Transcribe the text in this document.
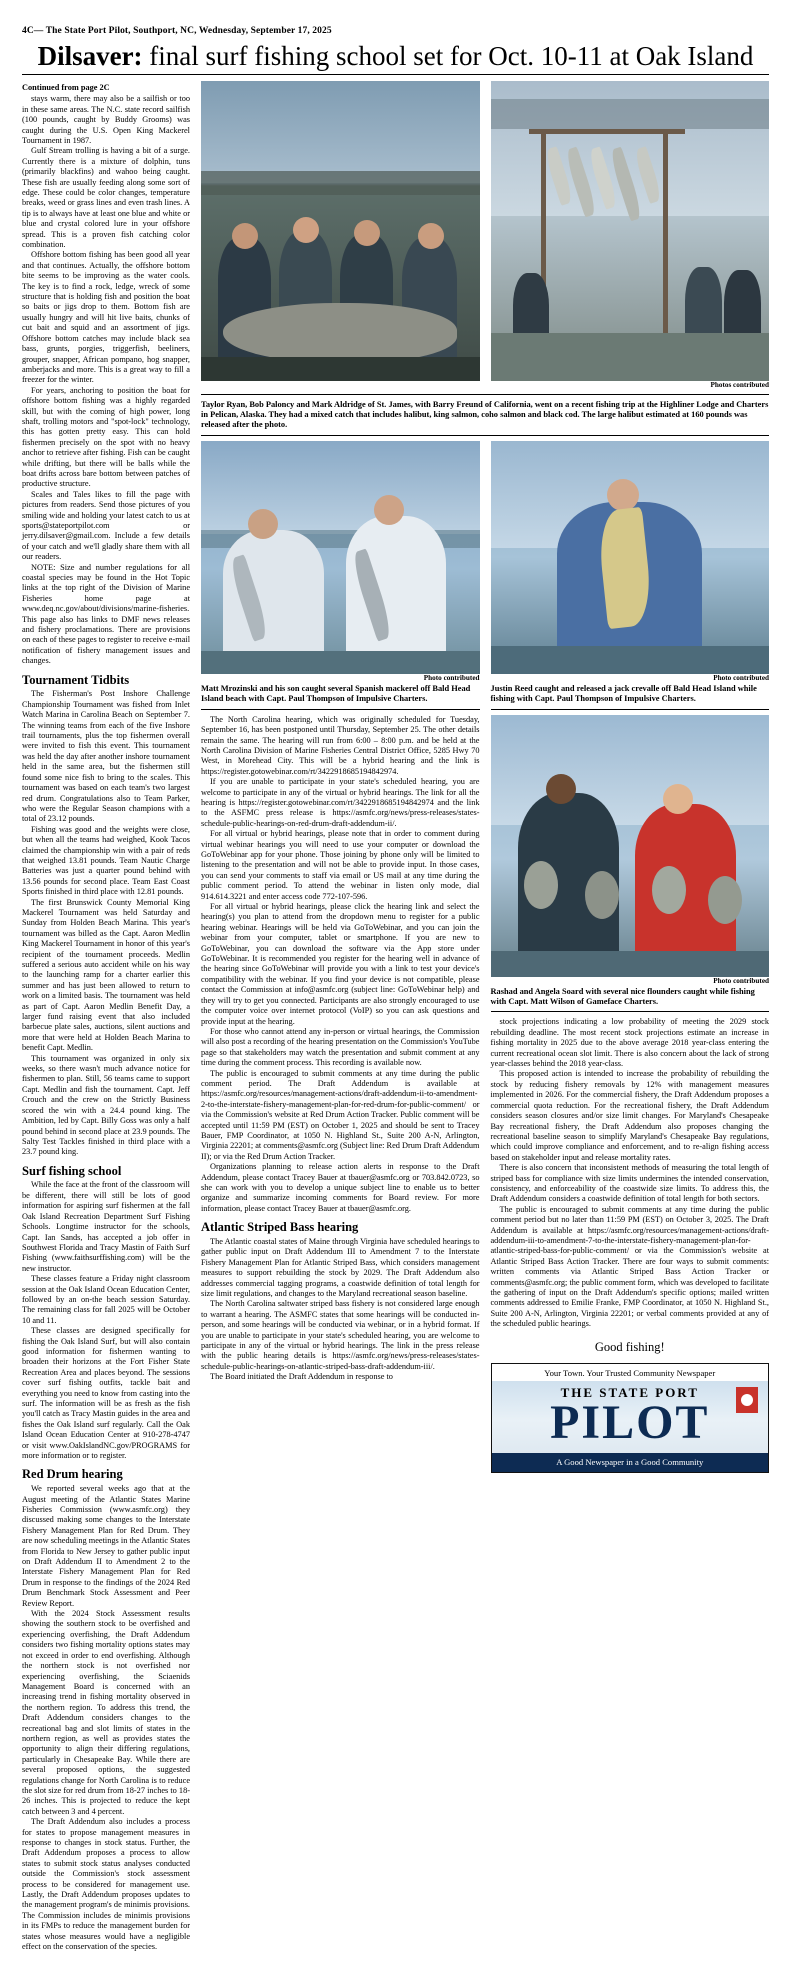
4C— The State Port Pilot, Southport, NC, Wednesday, September 17, 2025
Dilsaver: final surf fishing school set for Oct. 10-11 at Oak Island

Continued from page 2C

stays warm, there may also be a sailfish or too in these same areas. The N.C. state record sailfish (100 pounds, caught by Buddy Grooms) was caught during the U.S. Open King Mackerel Tournament in 1987.

Gulf Stream trolling is having a bit of a surge. Currently there is a mixture of dolphin, tuns (primarily blackfins) and wahoo being caught. These fish are usually feeding along some sort of edge. These could be color changes, temperature breaks, weed or grass lines and even trash lines. A tip is to always have at least one blue and white or blue and crystal colored lure in your offshore spread. This is a proven fish catching color combination.

Offshore bottom fishing has been good all year and that continues. Actually, the offshore bottom bite seems to be improving as the water cools. The key is to find a rock, ledge, wreck of some structure that is holding fish and position the boat so baits or jigs drop to them. Bottom fish are usually hungry and will hit live baits, chunks of cut bait and squid and an assortment of jigs. Offshore bottom catches may include black sea bass, grunts, porgies, triggerfish, beeliners, grouper, snapper, African pompano, hog snapper, amberjacks and more. This is a great way to fill a freezer for the winter.

For years, anchoring to position the boat for offshore bottom fishing was a highly regarded skill, but with the coming of high power, long shaft, trolling motors and "spot-lock" technology, this has gotten pretty easy. This can hold fishermen precisely on the spot with no heavy anchor to retrieve after fishing. Fish can be caught while drifting, but there will be balls while the boat drifts across bare bottom between patches of productive structure.

Scales and Tales likes to fill the page with pictures from readers. Send those pictures of you smiling wide and holding your latest catch to us at sports@stateportpilot.com or jerry.dilsaver@gmail.com. Include a few details of your catch and we'll gladly share them with all our readers.

NOTE: Size and number regulations for all coastal species may be found in the Hot Topic links at the top right of the Division of Marine Fisheries home page at www.deq.nc.gov/about/divisions/marine-fisheries. This page also has links to DMF news releases and fishery proclamations. There are provisions on each of these pages to register to receive e-mail notification of fishery management issues and changes.

Tournament Tidbits

The Fisherman's Post Inshore Challenge Championship Tournament was fished from Inlet Watch Marina in Carolina Beach on September 7. The winning teams from each of the five Inshore trail tournaments, plus the top fishermen overall were invited to fish this event. This tournament was held the day after another inshore tournament held in the same area, but the fishermen still found some nice fish to bring to the scales. This tournament was based on each team's two largest red drum. Congratulations also to Team Parker, who were the Regular Season champions with a total of 23.12 pounds.

Fishing was good and the weights were close, but when all the teams had weighed, Kook Tacos claimed the championship win with a pair of reds that weighed 13.81 pounds. Team Nautic Charge Batteries was just a quarter pound behind with 13.56 pounds for second place. Team East Coast Sports finished in third place with 12.81 pounds.

The first Brunswick County Memorial King Mackerel Tournament was held Saturday and Sunday from Holden Beach Marina. This year's tournament was billed as the Capt. Aaron Medlin King Mackerel Tournament in honor of this year's recipient of the tournament proceeds. Medlin suffered a serious auto accident while on his way to the launching ramp for a charter earlier this summer and has just been allowed to return to work on a limited basis. The tournament was held as part of Capt. Aaron Medlin Benefit Day, a larger fund raising event that also included barbecue plate sales, auctions, silent auctions and more that were held at Holden Beach Marina to benefit Capt. Medlin.

This tournament was organized in only six weeks, so there wasn't much advance notice for fishermen to plan. Still, 56 teams came to support Capt. Medlin and fish the tournament. Capt. Jeff Crouch and the crew on the Strictly Business scored the win with a 24.4 pound king. The Ambition, led by Capt. Billy Goss was only a half pound behind in second place at 23.9 pounds. The Salty Test Tackles finished in third place with a 23.7 pound king.

Surf fishing school

While the face at the front of the classroom will be different, there will still be lots of good information for aspiring surf fishermen at the fall Oak Island Recreation Department Surf Fishing Schools. Longtime instructor for the schools, Capt. Ian Sands, has accepted a job offer in Southwest Florida and Tracy Mastin of Faith Surf Fishing (www.faithsurffishing.com) will be the new instructor.

These classes feature a Friday night classroom session at the Oak Island Ocean Education Center, followed by an on-the beach session Saturday. The remaining class for fall 2025 will be October 10 and 11.

These classes are designed specifically for fishing the Oak Island Surf, but will also contain good information for fishermen wanting to broaden their horizons at the Fort Fisher State Recreation Area and places beyond. The sessions cover surf fishing outfits, tackle bait and everything you need to know from casting into the surf. The information will be as fresh as the fish you'll catch as Tracy Mastin guides in the area and fishes the Oak Island surf regularly. Call the Oak Island Ocean Education Center at 910-278-4747 or visit www.OakIslandNC.gov/PROGRAMS for more information or to register.

Red Drum hearing

We reported several weeks ago that at the August meeting of the Atlantic States Marine Fisheries Commission (www.asmfc.org) they discussed making some changes to the Interstate Fishery Management Plan for Red Drum. They are now scheduling meetings in the Atlantic States from Florida to New Jersey to gather public input on Draft Addendum II to Amendment 2 to the Interstate Fishery Management Plan for Red Drum in response to the findings of the 2024 Red Drum Benchmark Stock Assessment and Peer Review Report.

With the 2024 Stock Assessment results showing the southern stock to be overfished and experiencing overfishing, the Draft Addendum considers two fishing mortality options states may not exceed in order to end overfishing. Although the northern stock is not overfished nor experiencing overfishing, the Sciaenids Management Board is concerned with an increasing trend in fishing mortality observed in the northern region. To address this trend, the Draft Addendum considers changes to the recreational bag and slot limits of states in the northern region, as well as provides states the opportunity to align their differing regulations, particularly in Chesapeake Bay. While there are several proposed options, the suggested regulations change for North Carolina is to reduce the slot size for red drum from 18-27 inches to 18-26 inches. This is projected to reduce the kept catch between 3 and 4 percent.

The Draft Addendum also includes a process for states to propose management measures in response to changes in stock status. Further, the Draft Addendum proposes a process to allow states to submit stock status analyses conducted outside the Commission's stock assessment process to be considered for management use. Lastly, the Draft Addendum proposes updates to the management program's de minimis provisions. The Commission includes de minimis provisions in its FMPs to reduce the management burden for states whose measures would have a negligible effect on the conservation of the species.

Photos contributed
Taylor Ryan, Bob Paloncy and Mark Aldridge of St. James, with Barry Freund of California, went on a recent fishing trip at the Highliner Lodge and Charters in Pelican, Alaska. They had a mixed catch that includes halibut, king salmon, coho salmon and black cod. The large halibut estimated at 160 pounds was released after the photo.
Photo contributed
Matt Mrozinski and his son caught several Spanish mackerel off Bald Head Island beach with Capt. Paul Thompson of Impulsive Charters.

The North Carolina hearing, which was originally scheduled for Tuesday, September 16, has been postponed until Thursday, September 25. The other details remain the same. The hearing will run from 6:00 – 8:00 p.m. and be held at the North Carolina Division of Marine Fisheries Central District Office, 5285 Hwy 70 West, in Morehead City. This will be a hybrid hearing and the link is https://register.gotowebinar.com/rt/3422918685194842974.

If you are unable to participate in your state's scheduled hearing, you are welcome to participate in any of the virtual or hybrid hearings. The link for all the hearing is https://register.gotowebinar.com/rt/3422918685194842974 and the link to the ASFMC press release is https://asmfc.org/news/press-releases/states-schedule-public-hearings-on-red-drum-draft-addendum-ii/.

For all virtual or hybrid hearings, please note that in order to comment during virtual webinar hearings you will need to use your computer or download the GoToWebinar app for your phone. Those joining by phone only will be limited to listening to the presentation and will not be able to provide input. In those cases, you can send your comments to staff via email or US mail at any time during the public comment period. To attend the webinar in listen only mode, dial 914.614.3221 and enter access code 772-107-596.

For all virtual or hybrid hearings, please click the hearing link and select the hearing(s) you plan to attend from the dropdown menu to register for a public hearing webinar. Hearings will be held via GoToWebinar, and you can join the webinar from your computer, tablet or smartphone. If you are new to GoToWebinar, you can download the software via the App store under GoToWebinar. It is recommended you register for the hearing well in advance of the hearing since GoToWebinar will provide you with a link to test your device's compatibility with the webinar. If you find your device is not compatible, please contact the Commission at info@asmfc.org (subject line: GoToWebinar help) and they will try to get you connected. Participants are also strongly encouraged to use the computer voice over internet protocol (VoIP) so you can ask questions and provide input at the hearing.

For those who cannot attend any in-person or virtual hearings, the Commission will also post a recording of the hearing presentation on the Commission's YouTube page so that stakeholders may watch the presentation and submit comment at any time during the comment process. This recording is available now.

The public is encouraged to submit comments at any time during the public comment period. The Draft Addendum is available at https://asmfc.org/resources/management-actions/draft-addendum-ii-to-amendment-2-to-the-interstate-fishery-management-plan-for-red-drum-for-public-comment/ or via the Commission's website at Red Drum Action Tracker. Public comment will be accepted until 11:59 PM (EST) on October 1, 2025 and should be sent to Tracey Bauer, FMP Coordinator, at 1050 N. Highland St., Suite 200 A-N, Arlington, Virginia 22201; at comments@asmfc.org (Subject line: Red Drum Draft Addendum II); or via the Red Drum Action Tracker.

Organizations planning to release action alerts in response to the Draft Addendum, please contact Tracey Bauer at tbauer@asmfc.org or 703.842.0723, so she can work with you to develop a unique subject line to enable us to better organize and summarize incoming comments for Board review. For more information, please contact Tracey Bauer at tbauer@asmfc.org.

Atlantic Striped Bass hearing

The Atlantic coastal states of Maine through Virginia have scheduled hearings to gather public input on Draft Addendum III to Amendment 7 to the Interstate Fishery Management Plan for Atlantic Striped Bass, which considers management measures to support rebuilding the stock by 2029. The Draft Addendum also addresses commercial tagging programs, a coastwide definition of total length for size limit regulations, and changes to the Maryland recreational season baseline.

The North Carolina saltwater striped bass fishery is not considered large enough to warrant a hearing. The ASMFC states that some hearings will be conducted in-person, and some hearings will be conducted via webinar, or in a hybrid format. If you are unable to participate in your state's scheduled hearing, you are welcome to participate in any of the virtual or hybrid hearings. The link in the press release with the public hearing details is https://asmfc.org/news/press-releases/states-schedule-public-hearings-on-atlantic-striped-bass-draft-addendum-iii/.

The Board initiated the Draft Addendum in response to

Photo contributed
Justin Reed caught and released a jack crevalle off Bald Head Island while fishing with Capt. Paul Thompson of Impulsive Charters.
Photo contributed
Rashad and Angela Soard with several nice flounders caught while fishing with Capt. Matt Wilson of Gameface Charters.

stock projections indicating a low probability of meeting the 2029 stock rebuilding deadline. The most recent stock projections estimate an increase in fishing mortality in 2025 due to the above average 2018 year-class entering the current recreational ocean slot limit. There is also concern about the lack of strong year-classes behind the 2018 year-class.

This proposed action is intended to increase the probability of rebuilding the stock by reducing fishery removals by 12% with management measures implemented in 2026. For the commercial fishery, the Draft Addendum proposes a commercial quota reduction. For the recreational fishery, the Draft Addendum considers season closures and/or size limit changes. For Maryland's Chesapeake Bay recreational fishery, the Draft Addendum also proposes changing the recreational baseline season to simplify Maryland's Chesapeake Bay regulations, which could improve compliance and enforcement, and to re-align fishing access based on stakeholder input and release mortality rates.

There is also concern that inconsistent methods of measuring the total length of striped bass for compliance with size limits undermines the intended conservation, consistency, and enforceability of the coastwide size limits. To address this, the Draft Addendum considers a coastwide definition of total length for both sectors.

The public is encouraged to submit comments at any time during the public comment period but no later than 11:59 PM (EST) on October 3, 2025. The Draft Addendum is available at https://asmfc.org/resources/management-actions/draft-addendum-iii-to-amendment-7-to-the-interstate-fishery-management-plan-for-atlantic-striped-bass-for-public-comment/ or via the Commission's website at Atlantic Striped Bass Action Tracker. There are four ways to submit comments: written comments via Atlantic Striped Bass Action Tracker or comments@asmfc.org; the public comment form, which was developed to facilitate the gathering of input on the Draft Addendum's specific options; mailed written comments addressed to Emilie Franke, FMP Coordinator, at 1050 N. Highland St., Suite 200 A-N, Arlington, Virginia 22201; or verbal comments provided at any of the scheduled public hearings.

Good fishing!
Your Town. Your Trusted Community Newspaper
THE STATE PORT
PILOT
A Good Newspaper in a Good Community
